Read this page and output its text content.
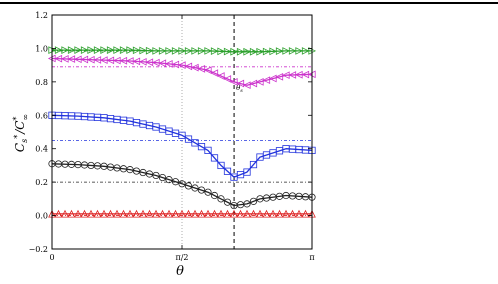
$\theta_s$
−0.2
0.0
0.2
0.4
0.6
0.8
1.0
1.2
0	π/2	π
θ
$C_s^*/C^*\infty$
